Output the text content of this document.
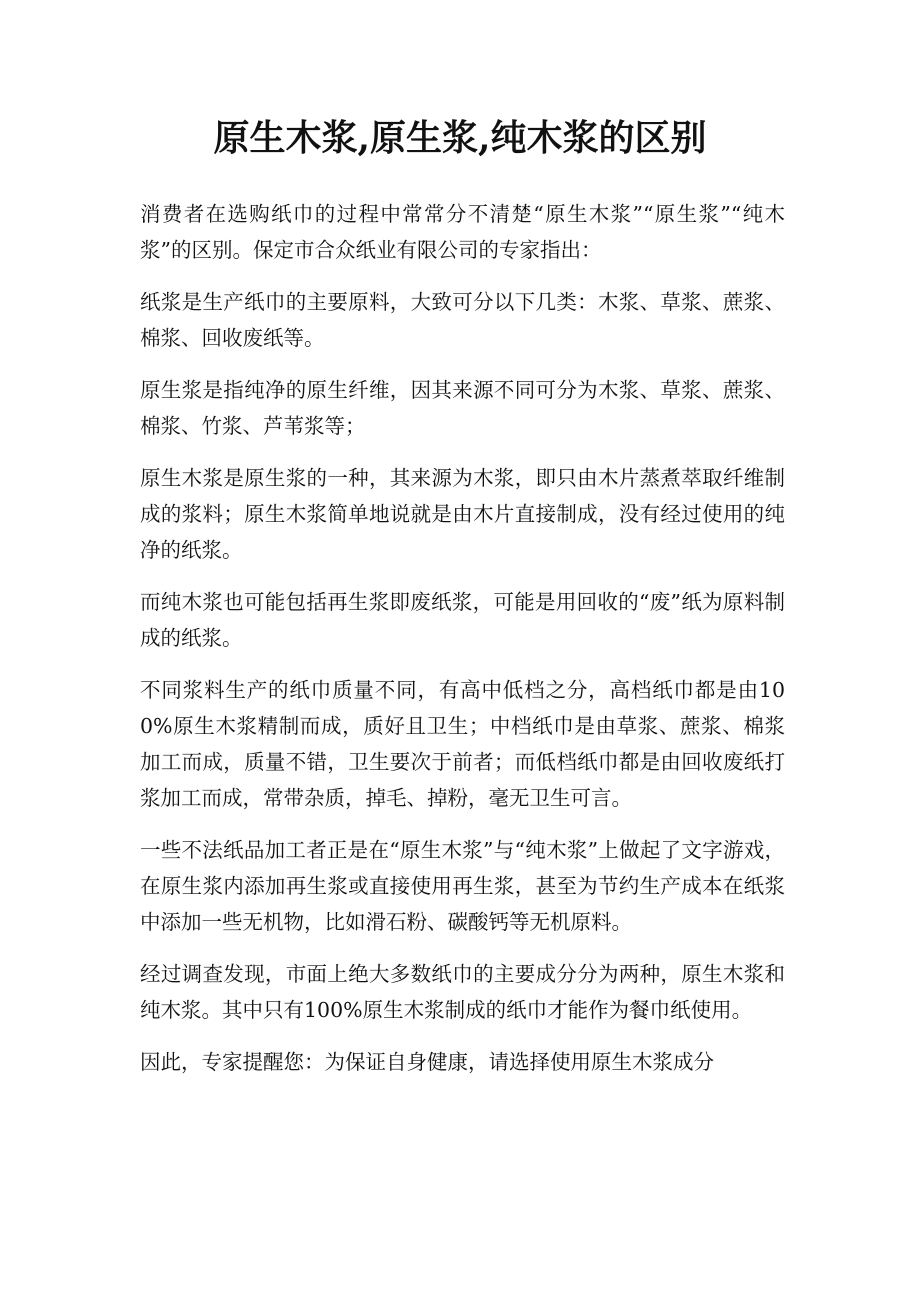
原生木浆,原生浆,纯木浆的区别

消费者在选购纸巾的过程中常常分不清楚“原生木浆”“原生浆”“纯木浆”的区别。保定市合众纸业有限公司的专家指出：

纸浆是生产纸巾的主要原料，大致可分以下几类：木浆、草浆、蔗浆、棉浆、回收废纸等。

原生浆是指纯净的原生纤维，因其来源不同可分为木浆、草浆、蔗浆、棉浆、竹浆、芦苇浆等；

原生木浆是原生浆的一种，其来源为木浆，即只由木片蒸煮萃取纤维制成的浆料；原生木浆简单地说就是由木片直接制成，没有经过使用的纯净的纸浆。

而纯木浆也可能包括再生浆即废纸浆，可能是用回收的“废”纸为原料制成的纸浆。

不同浆料生产的纸巾质量不同，有高中低档之分，高档纸巾都是由100%原生木浆精制而成，质好且卫生；中档纸巾是由草浆、蔗浆、棉浆加工而成，质量不错，卫生要次于前者；而低档纸巾都是由回收废纸打浆加工而成，常带杂质，掉毛、掉粉，毫无卫生可言。

一些不法纸品加工者正是在“原生木浆”与“纯木浆”上做起了文字游戏，在原生浆内添加再生浆或直接使用再生浆，甚至为节约生产成本在纸浆中添加一些无机物，比如滑石粉、碳酸钙等无机原料。

经过调查发现，市面上绝大多数纸巾的主要成分分为两种，原生木浆和纯木浆。其中只有100%原生木浆制成的纸巾才能作为餐巾纸使用。

因此，专家提醒您：为保证自身健康，请选择使用原生木浆成分
